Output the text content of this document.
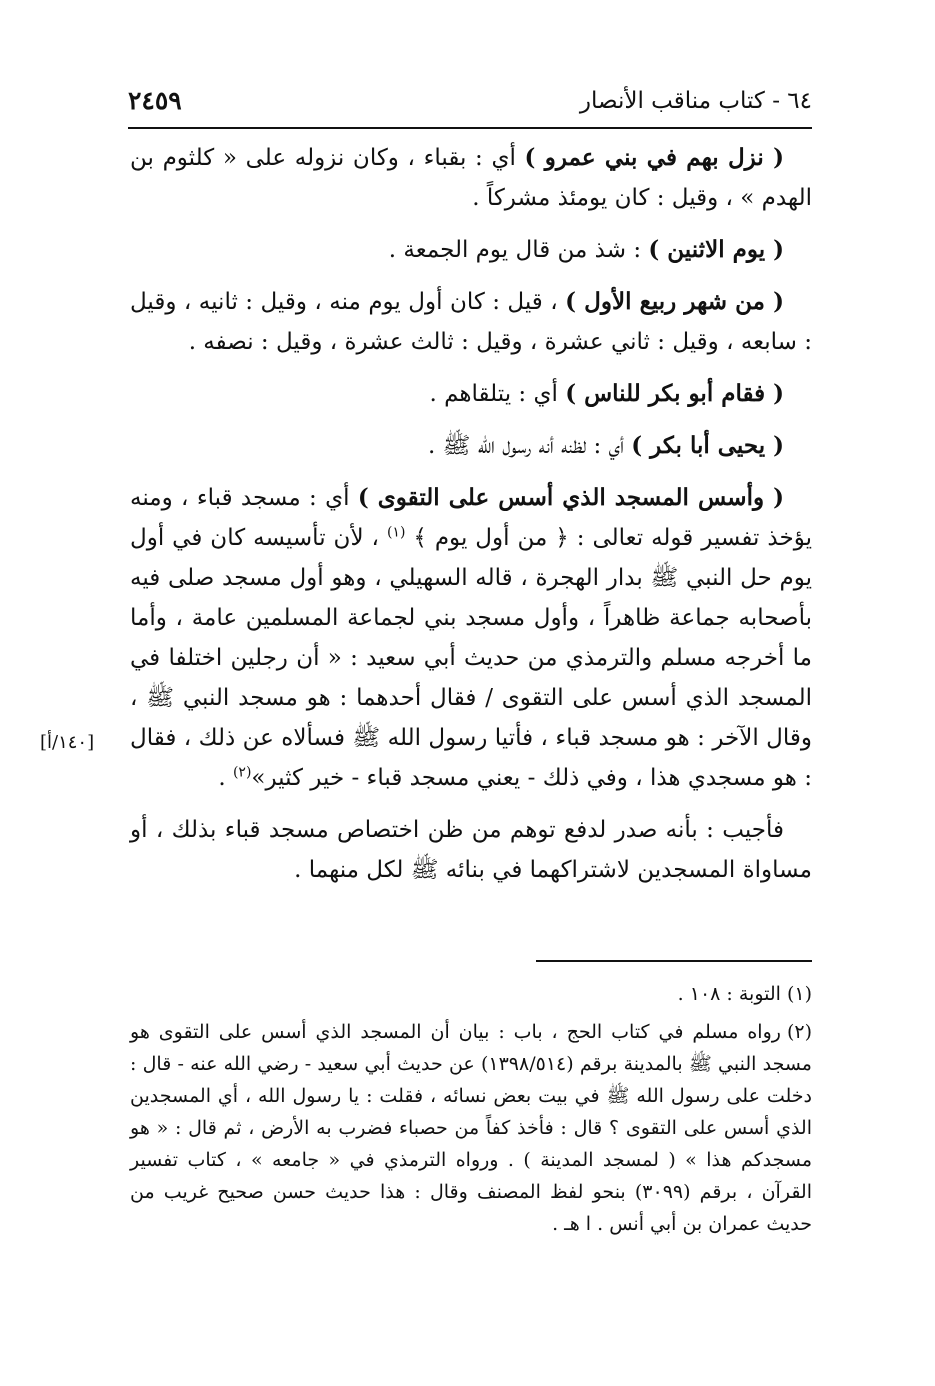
٦٤ - كتاب مناقب الأنصار
٢٤٥٩

( نزل بهم في بني عمرو ) أي : بقباء ، وكان نزوله على « كلثوم بن الهدم » ، وقيل : كان يومئذ مشركاً .

( يوم الاثنين ) : شذ من قال يوم الجمعة .

( من شهر ربيع الأول ) ، قيل : كان أول يوم منه ، وقيل : ثانيه ، وقيل : سابعه ، وقيل : ثاني عشرة ، وقيل : ثالث عشرة ، وقيل : نصفه .

( فقام أبو بكر للناس ) أي : يتلقاهم .

( يحيى أبا بكر ) أي : لظنه أنه رسول الله ﷺ .

( وأسس المسجد الذي أسس على التقوى ) أي : مسجد قباء ، ومنه يؤخذ تفسير قوله تعالى : ﴿ من أول يوم ﴾ $^{(١)}$ ، لأن تأسيسه كان في أول يوم حل النبي ﷺ بدار الهجرة ، قاله السهيلي ، وهو أول مسجد صلى فيه بأصحابه جماعة ظاهراً ، وأول مسجد بني لجماعة المسلمين عامة ، وأما ما أخرجه مسلم والترمذي من حديث أبي سعيد : « أن رجلين اختلفا في المسجد الذي أسس على التقوى / فقال أحدهما : هو مسجد النبي ﷺ ، وقال الآخر : هو مسجد قباء ، فأتيا رسول الله ﷺ فسألاه عن ذلك ، فقال : هو مسجدي هذا ، وفي ذلك - يعني مسجد قباء - خير كثير»$^{(٢)}$ .

فأجيب : بأنه صدر لدفع توهم من ظن اختصاص مسجد قباء بذلك ، أو مساواة المسجدين لاشتراكهما في بنائه ﷺ لكل منهما .

[١٤٠/أ]

(١)التوبة : ١٠٨ .

(٢)رواه مسلم في كتاب الحج ، باب : بيان أن المسجد الذي أسس على التقوى هو مسجد النبي ﷺ بالمدينة برقم (١٣٩٨/٥١٤) عن حديث أبي سعيد - رضي الله عنه - قال : دخلت على رسول الله ﷺ في بيت بعض نسائه ، فقلت : يا رسول الله ، أي المسجدين الذي أسس على التقوى ؟ قال : فأخذ كفاً من حصباء فضرب به الأرض ، ثم قال : « هو مسجدكم هذا » ( لمسجد المدينة ) . ورواه الترمذي في « جامعه » ، كتاب تفسير القرآن ، برقم (٣٠٩٩) بنحو لفظ المصنف وقال : هذا حديث حسن صحيح غريب من حديث عمران بن أبي أنس . ا هـ .
